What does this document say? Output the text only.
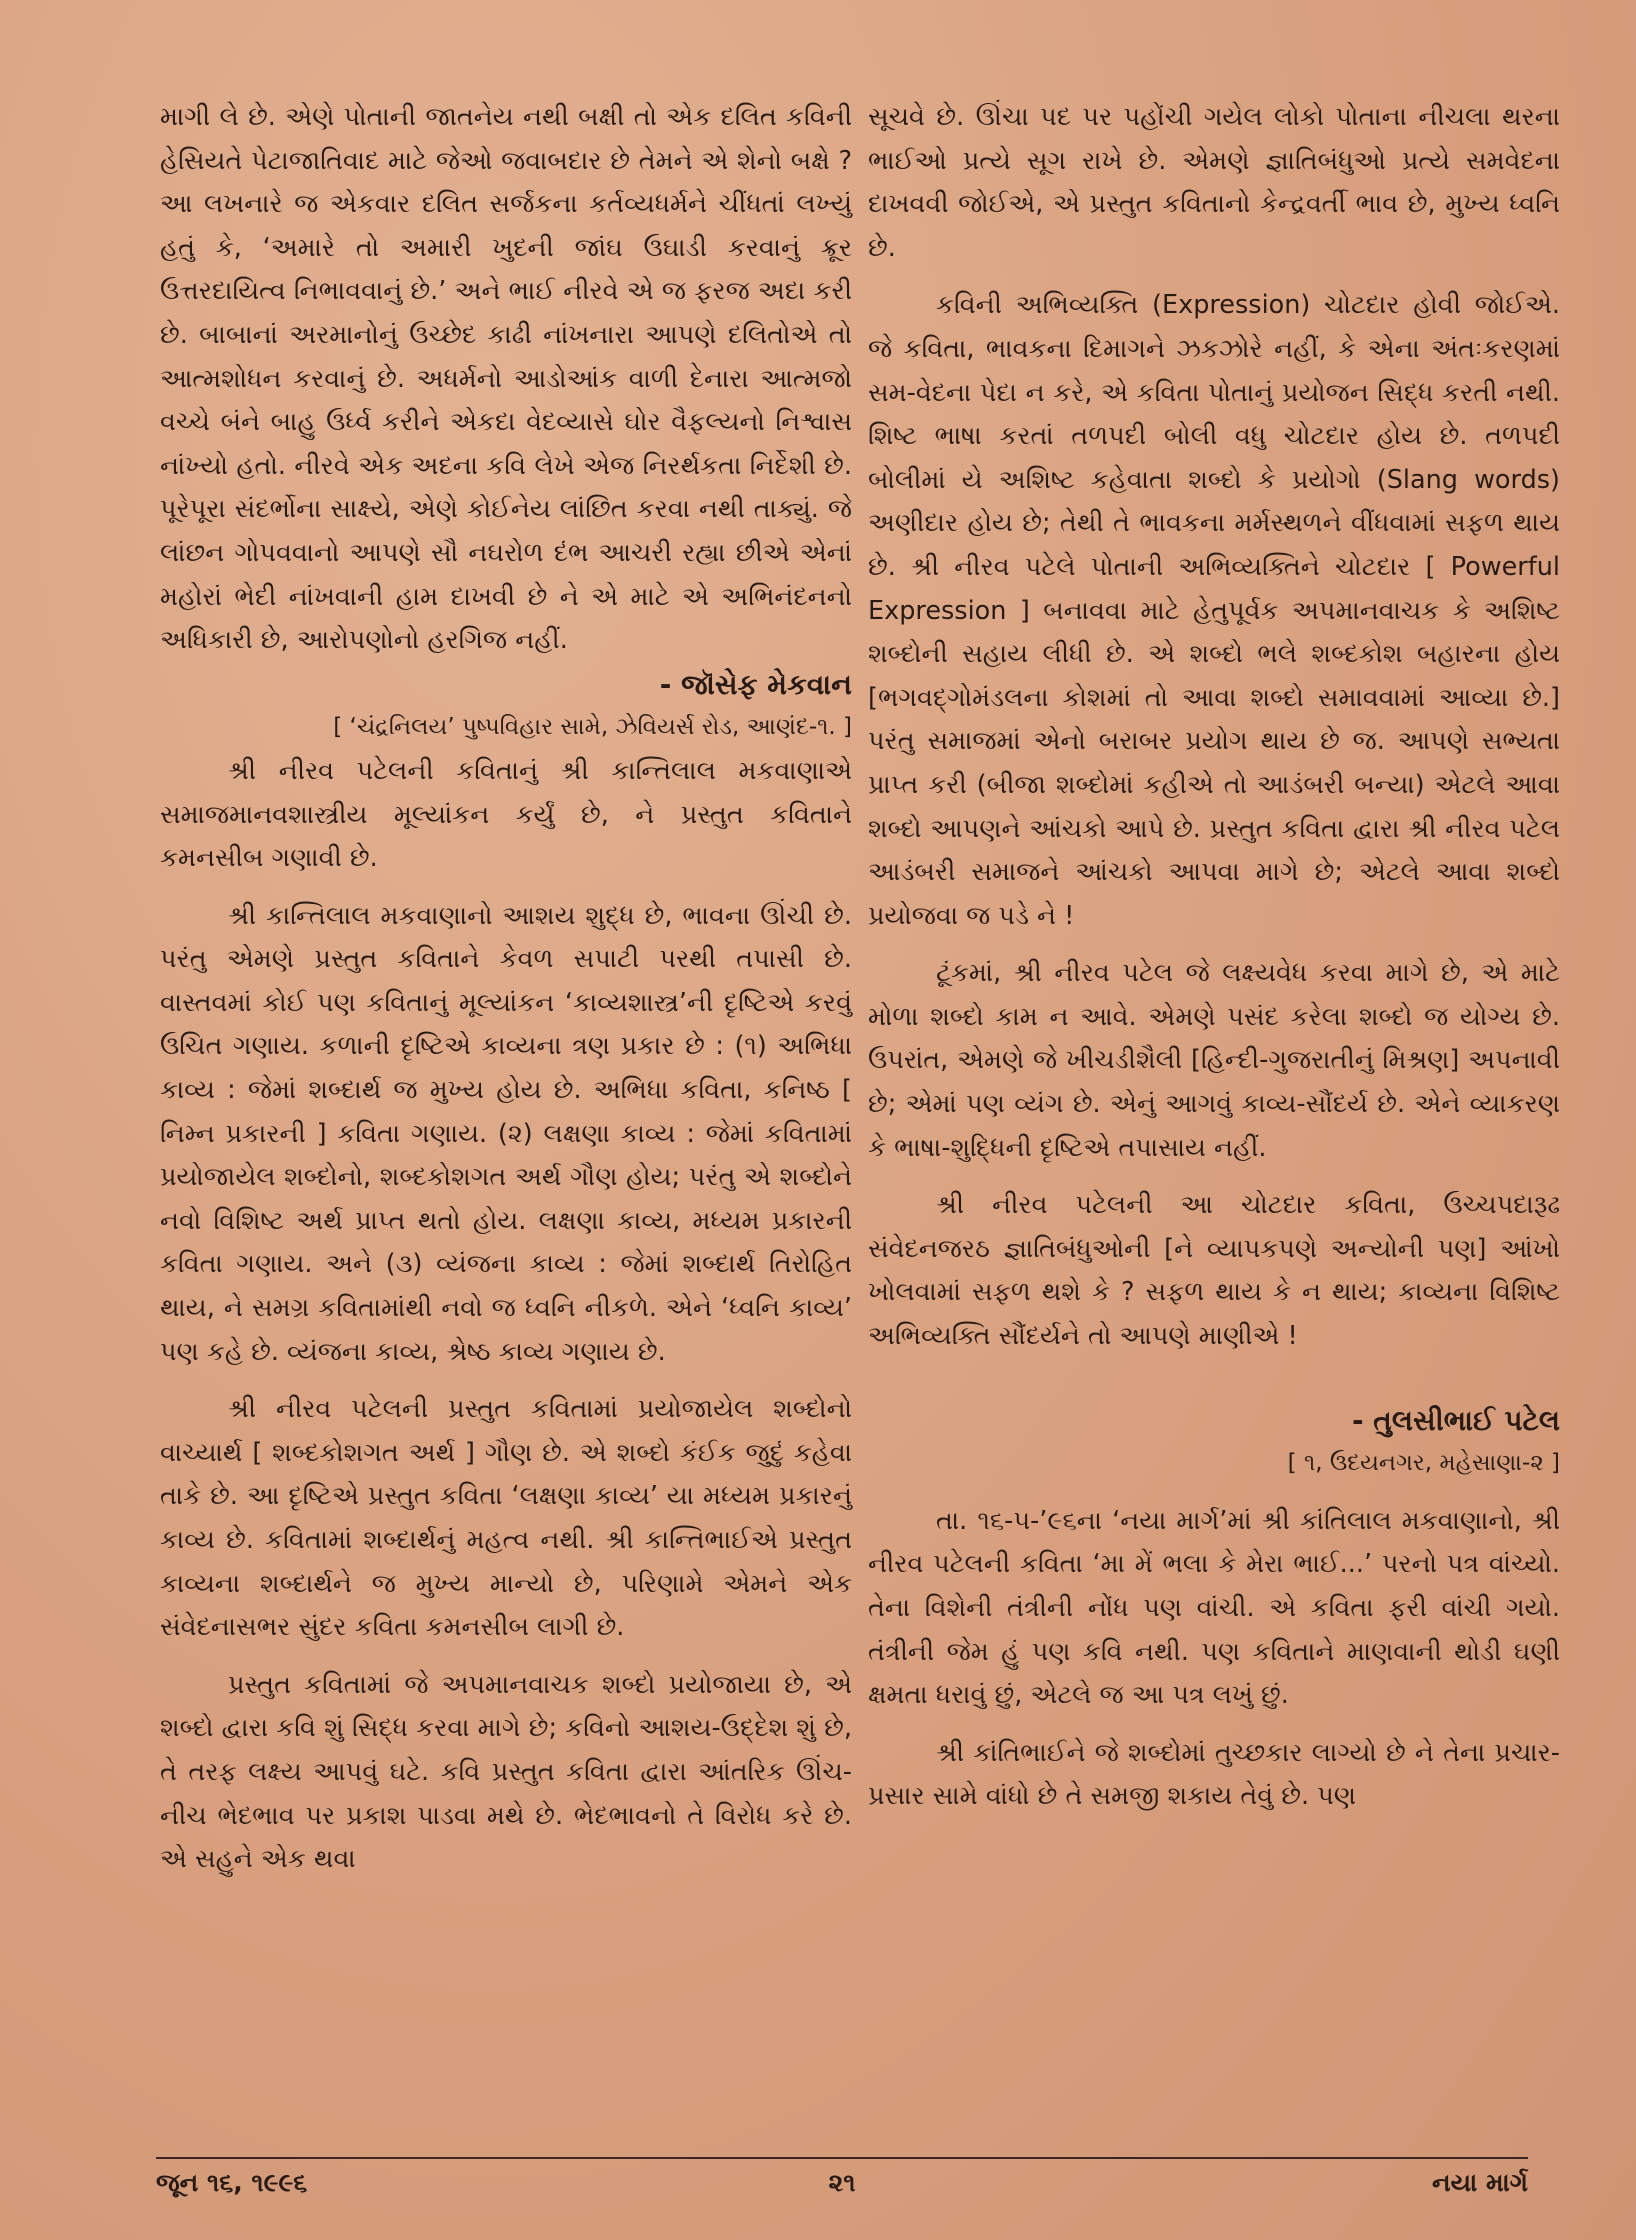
માગી લે છે. એણે પોતાની જાતનેય નથી બક્ષી તો એક દલિત કવિની હેસિયતે પેટાજાતિવાદ માટે જેઓ જવાબદાર છે તેમને એ શેનો બક્ષે ? આ લખનારે જ એકવાર દલિત સર્જકના કર્તવ્યધર્મને ચીંધતાં લખ્યું હતું કે, ‘અમારે તો અમારી ખુદની જાંઘ ઉઘાડી કરવાનું ક્રૂર ઉત્તરદાયિત્વ નિભાવવાનું છે.’ અને ભાઈ નીરવે એ જ ફરજ અદા કરી છે. બાબાનાં અરમાનોનું ઉચ્છેદ કાઢી નાંખનારા આપણે દલિતોએ તો આત્મશોધન કરવાનું છે. અધર્મનો આડોઆંક વાળી દેનારા આત્મજો વચ્ચે બંને બાહુ ઉર્ધ્વ કરીને એકદા વેદવ્યાસે ઘોર વૈફલ્યનો નિશ્વાસ નાંખ્યો હતો. નીરવે એક અદના કવિ લેખે એજ નિરર્થકતા નિર્દેશી છે. પૂરેપૂરા સંદર્ભોના સાક્ષ્યે, એણે કોઈનેય લાંછિત કરવા નથી તાક્યું. જે લાંછન ગોપવવાનો આપણે સૌ નઘરોળ દંભ આચરી રહ્યા છીએ એનાં મહોરાં ભેદી નાંખવાની હામ દાખવી છે ને એ માટે એ અભિનંદનનો અધિકારી છે, આરોપણોનો હરગિજ નહીં.

- જૉસેફ મેકવાન

[ ‘ચંદ્રનિલય’ પુષ્પવિહાર સામે, ઝેવિયર્સ રોડ, આણંદ-૧. ]

શ્રી નીરવ પટેલની કવિતાનું શ્રી કાન્તિલાલ મકવાણાએ સમાજમાનવશાસ્ત્રીય મૂલ્યાંકન કર્યું છે, ને પ્રસ્તુત કવિતાને કમનસીબ ગણાવી છે.

શ્રી કાન્તિલાલ મકવાણાનો આશય શુદ્ધ છે, ભાવના ઊંચી છે. પરંતુ એમણે પ્રસ્તુત કવિતાને કેવળ સપાટી પરથી તપાસી છે. વાસ્તવમાં કોઈ પણ કવિતાનું મૂલ્યાંકન ‘કાવ્યશાસ્ત્ર’ની દૃષ્ટિએ કરવું ઉચિત ગણાય. કળાની દૃષ્ટિએ કાવ્યના ત્રણ પ્રકાર છે : (૧) અભિધા કાવ્ય : જેમાં શબ્દાર્થ જ મુખ્ય હોય છે. અભિધા કવિતા, કનિષ્ઠ [ નિમ્ન પ્રકારની ] કવિતા ગણાય. (૨) લક્ષણા કાવ્ય : જેમાં કવિતામાં પ્રયોજાયેલ શબ્દોનો, શબ્દકોશગત અર્થ ગૌણ હોય; પરંતુ એ શબ્દોને નવો વિશિષ્ટ અર્થ પ્રાપ્ત થતો હોય. લક્ષણા કાવ્ય, મધ્યમ પ્રકારની કવિતા ગણાય. અને (૩) વ્યંજના કાવ્ય : જેમાં શબ્દાર્થ તિરોહિત થાય, ને સમગ્ર કવિતામાંથી નવો જ ધ્વનિ નીકળે. એને ‘ધ્વનિ કાવ્ય’ પણ કહે છે. વ્યંજના કાવ્ય, શ્રેષ્ઠ કાવ્ય ગણાય છે.

શ્રી નીરવ પટેલની પ્રસ્તુત કવિતામાં પ્રયોજાયેલ શબ્દોનો વાચ્યાર્થ [ શબ્દકોશગત અર્થ ] ગૌણ છે. એ શબ્દો કંઈક જુદું કહેવા તાકે છે. આ દૃષ્ટિએ પ્રસ્તુત કવિતા ‘લક્ષણા કાવ્ય’ યા મધ્યમ પ્રકારનું કાવ્ય છે. કવિતામાં શબ્દાર્થનું મહત્વ નથી. શ્રી કાન્તિભાઈએ પ્રસ્તુત કાવ્યના શબ્દાર્થને જ મુખ્ય માન્યો છે, પરિણામે એમને એક સંવેદનાસભર સુંદર કવિતા કમનસીબ લાગી છે.

પ્રસ્તુત કવિતામાં જે અપમાનવાચક શબ્દો પ્રયોજાયા છે, એ શબ્દો દ્વારા કવિ શું સિદ્ધ કરવા માગે છે; કવિનો આશય-ઉદ્દેશ શું છે, તે તરફ લક્ષ્ય આપવું ઘટે. કવિ પ્રસ્તુત કવિતા દ્વારા આંતરિક ઊંચ-નીચ ભેદભાવ પર પ્રકાશ પાડવા મથે છે. ભેદભાવનો તે વિરોધ કરે છે. એ સહુને એક થવા

સૂચવે છે. ઊંચા પદ પર પહોંચી ગયેલ લોકો પોતાના નીચલા થરના ભાઈઓ પ્રત્યે સૂગ રાખે છે. એમણે જ્ઞાતિબંધુઓ પ્રત્યે સમવેદના દાખવવી જોઈએ, એ પ્રસ્તુત કવિતાનો કેન્દ્રવર્તી ભાવ છે, મુખ્ય ધ્વનિ છે.

કવિની અભિવ્યક્તિ (Expression) ચોટદાર હોવી જોઈએ. જે કવિતા, ભાવકના દિમાગને ઝકઝોરે નહીં, કે એના અંતઃકરણમાં સમ-વેદના પેદા ન કરે, એ કવિતા પોતાનું પ્રયોજન સિદ્ધ કરતી નથી. શિષ્ટ ભાષા કરતાં તળપદી બોલી વધુ ચોટદાર હોય છે. તળપદી બોલીમાં યે અશિષ્ટ કહેવાતા શબ્દો કે પ્રયોગો (Slang words) અણીદાર હોય છે; તેથી તે ભાવકના મર્મસ્થળને વીંધવામાં સફળ થાય છે. શ્રી નીરવ પટેલે પોતાની અભિવ્યક્તિને ચોટદાર [ Powerful Expression ] બનાવવા માટે હેતુપૂર્વક અપમાનવાચક કે અશિષ્ટ શબ્દોની સહાય લીધી છે. એ શબ્દો ભલે શબ્દકોશ બહારના હોય [ભગવદ્ગોમંડલના કોશમાં તો આવા શબ્દો સમાવવામાં આવ્યા છે.] પરંતુ સમાજમાં એનો બરાબર પ્રયોગ થાય છે જ. આપણે સભ્યતા પ્રાપ્ત કરી (બીજા શબ્દોમાં કહીએ તો આડંબરી બન્યા) એટલે આવા શબ્દો આપણને આંચકો આપે છે. પ્રસ્તુત કવિતા દ્વારા શ્રી નીરવ પટેલ આડંબરી સમાજને આંચકો આપવા માગે છે; એટલે આવા શબ્દો પ્રયોજવા જ પડે ને !

ટૂંકમાં, શ્રી નીરવ પટેલ જે લક્ષ્યવેધ કરવા માગે છે, એ માટે મોળા શબ્દો કામ ન આવે. એમણે પસંદ કરેલા શબ્દો જ યોગ્ય છે. ઉપરાંત, એમણે જે ખીચડીશૈલી [હિન્દી-ગુજરાતીનું મિશ્રણ] અપનાવી છે; એમાં પણ વ્યંગ છે. એનું આગવું કાવ્ય-સૌંદર્ય છે. એને વ્યાકરણ કે ભાષા-શુદ્ધિની દૃષ્ટિએ તપાસાય નહીં.

શ્રી નીરવ પટેલની આ ચોટદાર કવિતા, ઉચ્ચપદારૂઢ સંવેદનજરઠ જ્ઞાતિબંધુઓની [ને વ્યાપકપણે અન્યોની પણ] આંખો ખોલવામાં સફળ થશે કે ? સફળ થાય કે ન થાય; કાવ્યના વિશિષ્ટ અભિવ્યક્તિ સૌંદર્યને તો આપણે માણીએ !

- તુલસીભાઈ પટેલ

[ ૧, ઉદયનગર, મહેસાણા-૨ ]

તા. ૧૬-૫-’૯૬ના ‘નયા માર્ગ’માં શ્રી કાંતિલાલ મકવાણાનો, શ્રી નીરવ પટેલની કવિતા ‘મા મેં ભલા કે મેરા ભાઈ...’ પરનો પત્ર વાંચ્યો. તેના વિશેની તંત્રીની નોંધ પણ વાંચી. એ કવિતા ફરી વાંચી ગયો. તંત્રીની જેમ હું પણ કવિ નથી. પણ કવિતાને માણવાની થોડી ઘણી ક્ષમતા ધરાવું છું, એટલે જ આ પત્ર લખું છું.

શ્રી કાંતિભાઈને જે શબ્દોમાં તુચ્છકાર લાગ્યો છે ને તેના પ્રચાર-પ્રસાર સામે વાંધો છે તે સમજી શકાય તેવું છે. પણ

જૂન ૧૬, ૧૯૯૬	૨૧	નયા માર્ગ
